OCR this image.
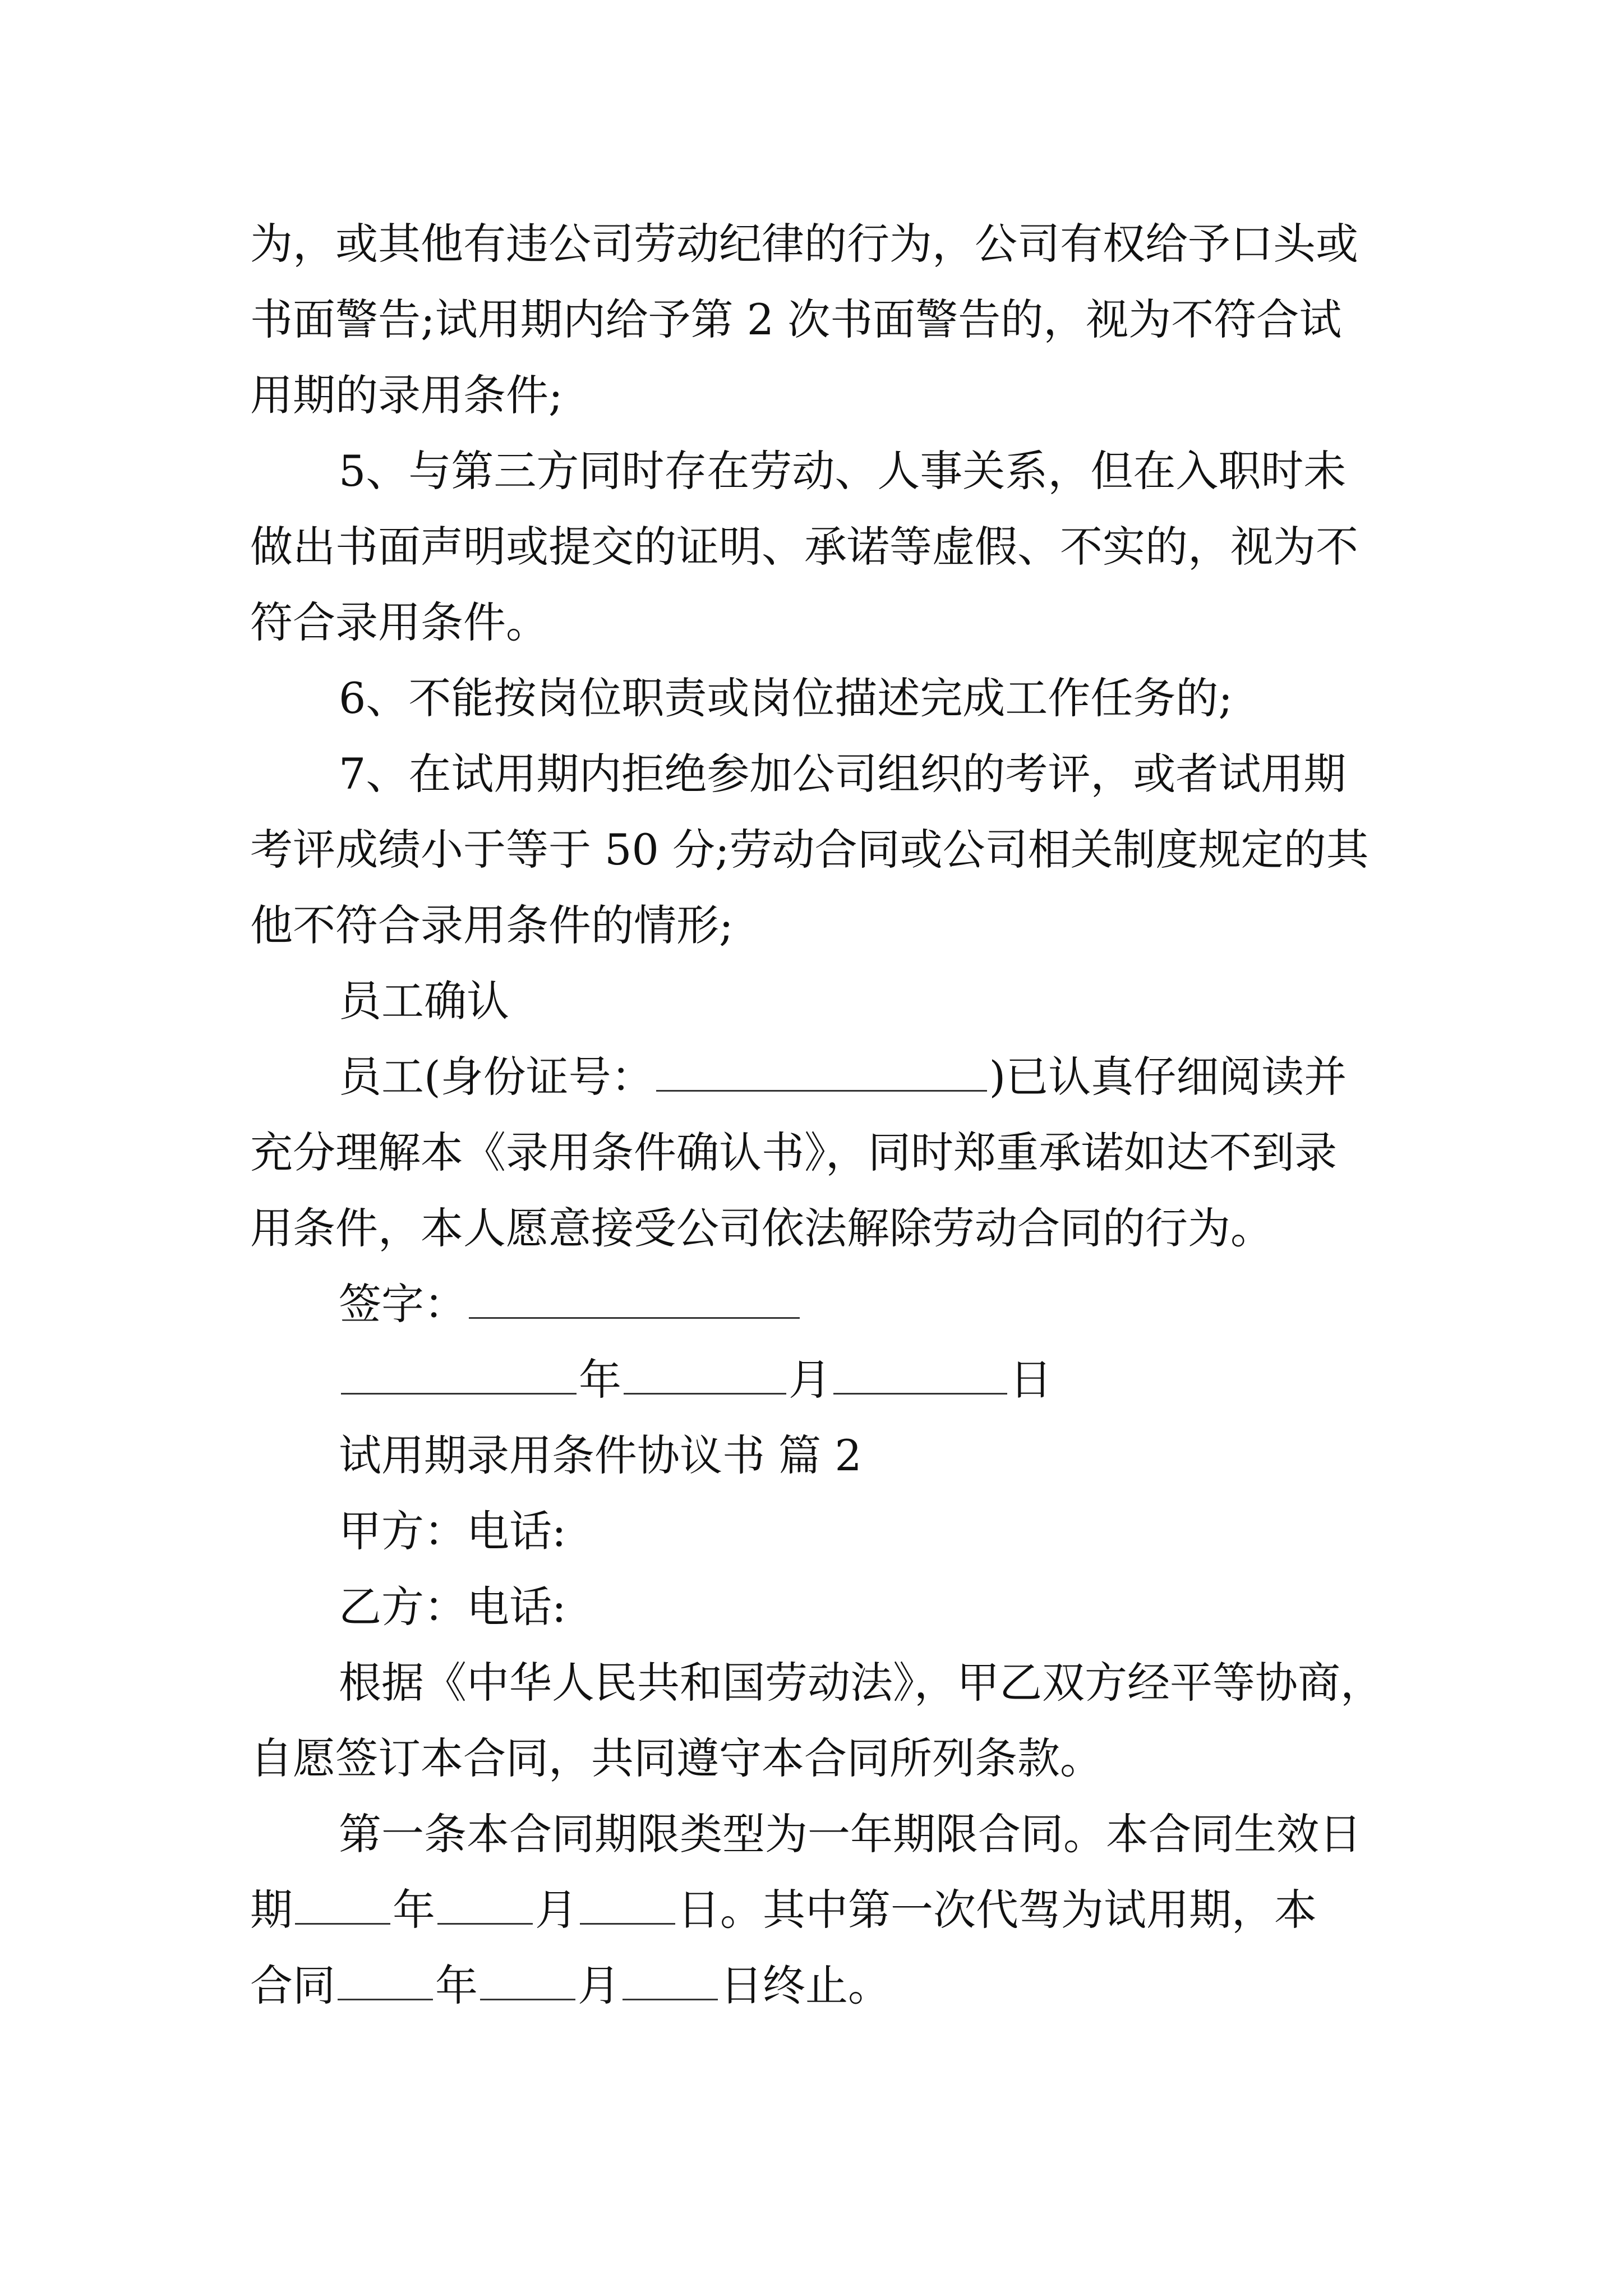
为，或其他有违公司劳动纪律的行为，公司有权给予口头或
书面警告;试用期内给予第 2 次书面警告的，视为不符合试
用期的录用条件;
5、与第三方同时存在劳动、人事关系，但在入职时未
做出书面声明或提交的证明、承诺等虚假、不实的，视为不
符合录用条件。
6、不能按岗位职责或岗位描述完成工作任务的;
7、在试用期内拒绝参加公司组织的考评，或者试用期
考评成绩小于等于 50 分;劳动合同或公司相关制度规定的其
他不符合录用条件的情形;
员工确认
员工(身份证号：	)已认真仔细阅读并
充分理解本《录用条件确认书》，同时郑重承诺如达不到录
用条件，本人愿意接受公司依法解除劳动合同的行为。
签字：
年	月	日
试用期录用条件协议书 篇 2
甲方：电话:
乙方：电话:
根据《中华人民共和国劳动法》，甲乙双方经平等协商，
自愿签订本合同，共同遵守本合同所列条款。
第一条本合同期限类型为一年期限合同。本合同生效日
期 年 月 日。其中第一次代驾为试用期，本
合同 年 月 日终止。
